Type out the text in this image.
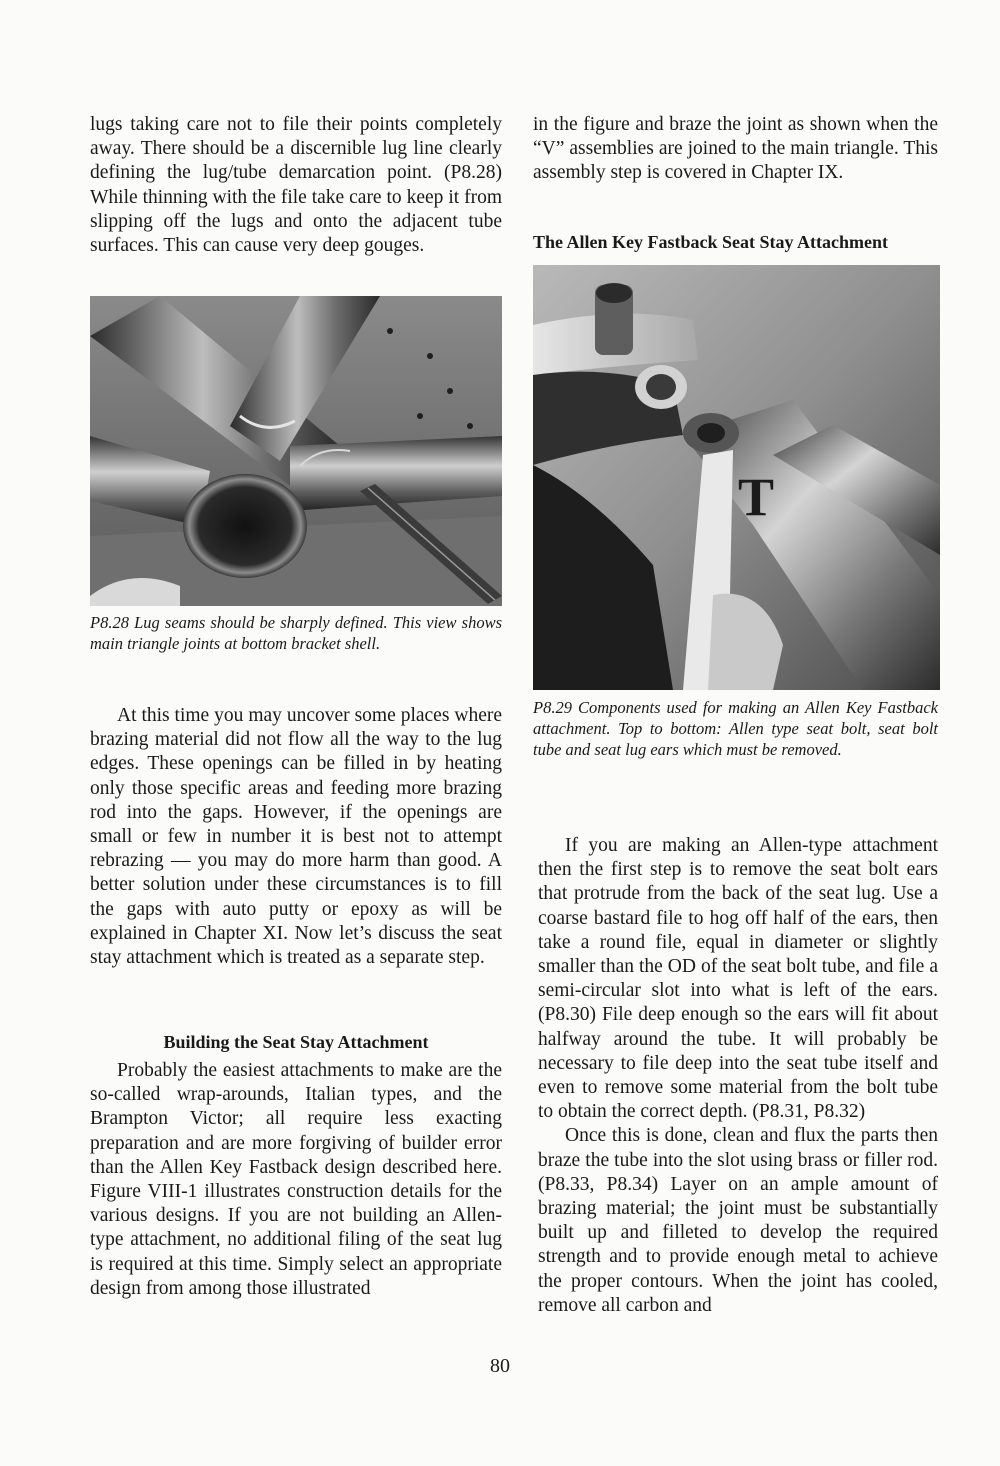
lugs taking care not to file their points completely away. There should be a discernible lug line clearly defining the lug/tube demarcation point. (P8.28) While thinning with the file take care to keep it from slipping off the lugs and onto the adjacent tube surfaces. This can cause very deep gouges.

P8.28 Lug seams should be sharply defined. This view shows main triangle joints at bottom bracket shell.

At this time you may uncover some places where brazing material did not flow all the way to the lug edges. These openings can be filled in by heating only those specific areas and feeding more brazing rod into the gaps. However, if the openings are small or few in number it is best not to attempt rebrazing — you may do more harm than good. A better solution under these circumstances is to fill the gaps with auto putty or epoxy as will be explained in Chapter XI. Now let’s discuss the seat stay attachment which is treated as a separate step.

Building the Seat Stay Attachment

Probably the easiest attachments to make are the so-called wrap-arounds, Italian types, and the Brampton Victor; all require less exacting preparation and are more forgiving of builder error than the Allen Key Fastback design described here. Figure VIII-1 illustrates construction details for the various designs. If you are not building an Allen-type attachment, no additional filing of the seat lug is required at this time. Simply select an appropriate design from among those illustrated

in the figure and braze the joint as shown when the “V” assemblies are joined to the main triangle. This assembly step is covered in Chapter IX.

The Allen Key Fastback Seat Stay Attachment

T

P8.29 Components used for making an Allen Key Fastback attachment. Top to bottom: Allen type seat bolt, seat bolt tube and seat lug ears which must be removed.

If you are making an Allen-type attachment then the first step is to remove the seat bolt ears that protrude from the back of the seat lug. Use a coarse bastard file to hog off half of the ears, then take a round file, equal in diameter or slightly smaller than the OD of the seat bolt tube, and file a semi-circular slot into what is left of the ears. (P8.30) File deep enough so the ears will fit about halfway around the tube. It will probably be necessary to file deep into the seat tube itself and even to remove some material from the bolt tube to obtain the correct depth. (P8.31, P8.32)

Once this is done, clean and flux the parts then braze the tube into the slot using brass or filler rod. (P8.33, P8.34) Layer on an ample amount of brazing material; the joint must be substantially built up and filleted to develop the required strength and to provide enough metal to achieve the proper contours. When the joint has cooled, remove all carbon and

80
